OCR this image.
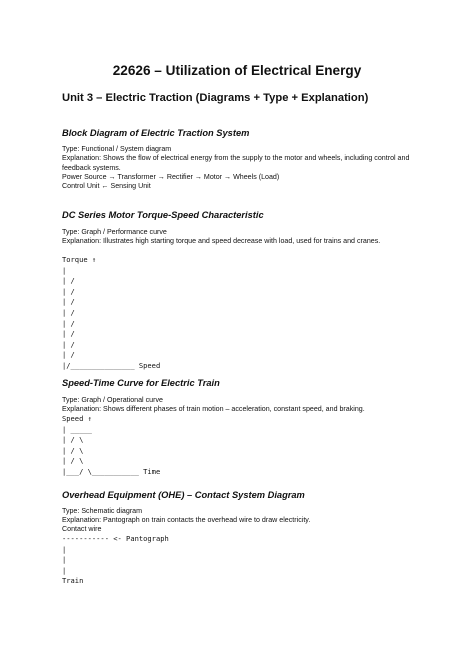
22626 – Utilization of Electrical Energy
Unit 3 – Electric Traction (Diagrams + Type + Explanation)
Block Diagram of Electric Traction System
Type: Functional / System diagram
Explanation: Shows the flow of electrical energy from the supply to the motor and wheels, including control and feedback systems.
Power Source → Transformer → Rectifier → Motor → Wheels (Load)
Control Unit ← Sensing Unit
DC Series Motor Torque-Speed Characteristic
Type: Graph / Performance curve
Explanation: Illustrates high starting torque and speed decrease with load, used for trains and cranes.
Torque ↑
|
| /
| /
| /
| /
| /
| /
| /
| /
|/_______________ Speed
Speed-Time Curve for Electric Train
Type: Graph / Operational curve
Explanation: Shows different phases of train motion – acceleration, constant speed, and braking.
Speed ↑
| _____
| / \
| / \
| / \
|___/ \___________ Time
Overhead Equipment (OHE) – Contact System Diagram
Type: Schematic diagram
Explanation: Pantograph on train contacts the overhead wire to draw electricity.
Contact wire
----------- <- Pantograph
|
|
|
Train
